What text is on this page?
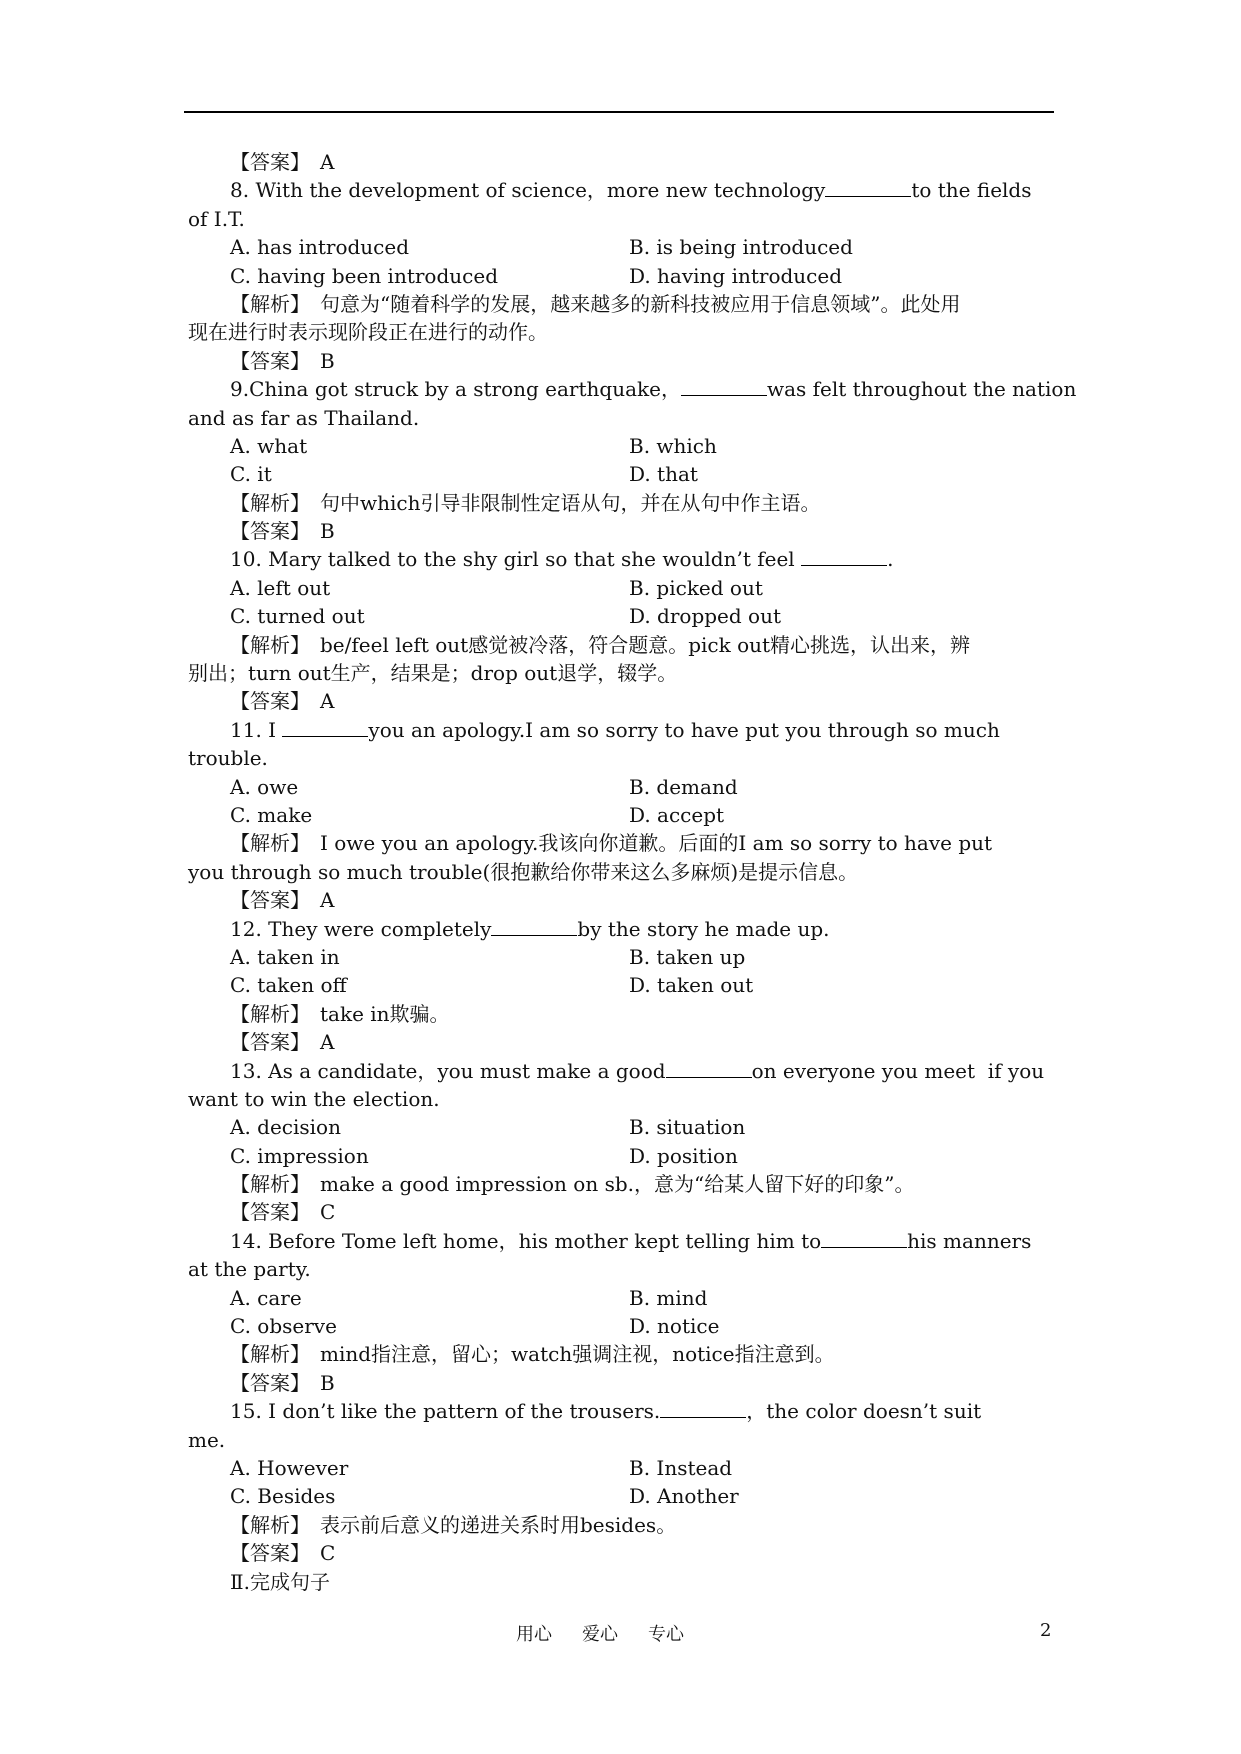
【答案】　A
8. With the development of science，more new technology	to the fields
of I.T.
A. has introduced	B. is being introduced
C. having been introduced	D. having introduced
【解析】　句意为“随着科学的发展，越来越多的新科技被应用于信息领域”。此处用
现在进行时表示现阶段正在进行的动作。
【答案】　B
9.China got struck by a strong earthquake，	was felt throughout the nation
and as far as Thailand.
A. what	B. which
C. it	D. that
【解析】　句中which引导非限制性定语从句，并在从句中作主语。
【答案】　B
10. Mary talked to the shy girl so that she wouldn’t feel	.
A. left out	B. picked out
C. turned out	D. dropped out
【解析】　be/feel left out感觉被冷落，符合题意。pick out精心挑选，认出来，辨
别出；turn out生产，结果是；drop out退学，辍学。
【答案】　A
11. I	you an apology.I am so sorry to have put you through so much
trouble.
A. owe	B. demand
C. make	D. accept
【解析】　I owe you an apology.我该向你道歉。后面的I am so sorry to have put
you through so much trouble(很抱歉给你带来这么多麻烦)是提示信息。
【答案】　A
12. They were completely	by the story he made up.
A. taken in	B. taken up
C. taken off	D. taken out
【解析】　take in欺骗。
【答案】　A
13. As a candidate，you must make a good	on everyone you meet  if you
want to win the election.
A. decision	B. situation
C. impression	D. position
【解析】　make a good impression on sb.，意为“给某人留下好的印象”。
【答案】　C
14. Before Tome left home，his mother kept telling him to	his manners
at the party.
A. care	B. mind
C. observe	D. notice
【解析】　mind指注意，留心；watch强调注视，notice指注意到。
【答案】　B
15. I don’t like the pattern of the trousers.	，the color doesn’t suit
me.
A. However	B. Instead
C. Besides	D. Another
【解析】　表示前后意义的递进关系时用besides。
【答案】　C
Ⅱ.完成句子
用心 爱心 专心	2
